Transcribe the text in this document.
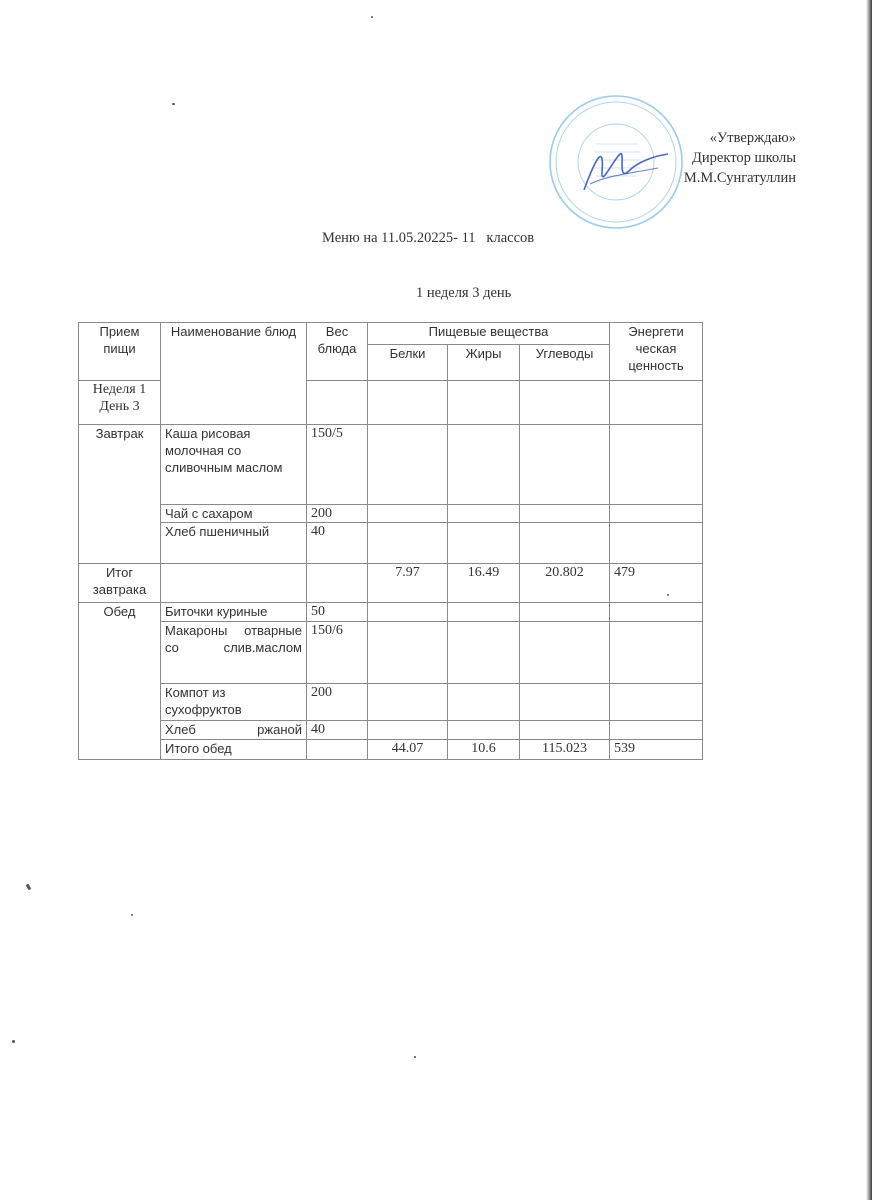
«Утверждаю»
Директор школы
М.М.Сунгатуллин
Меню на 11.05.20225- 11   классов
1 неделя 3 день
Прием пищи	Наименование блюд	Вес блюда	Пищевые вещества			Энергети ческая ценность
			Белки	Жиры	Углеводы	
Неделя 1 День 3						
Завтрак	Каша рисовая молочная со сливочным маслом	150/5				
	Чай с сахаром	200				
	Хлеб пшеничный	40				
Итог завтрака			7.97	16.49	20.802	479
Обед	Биточки куриные	50				

	Макароны отварные со слив.маслом	150/6				
	Компот из сухофруктов	200				
	Хлеб ржаной	40				
	Итого обед		44.07	10.6	115.023	539
